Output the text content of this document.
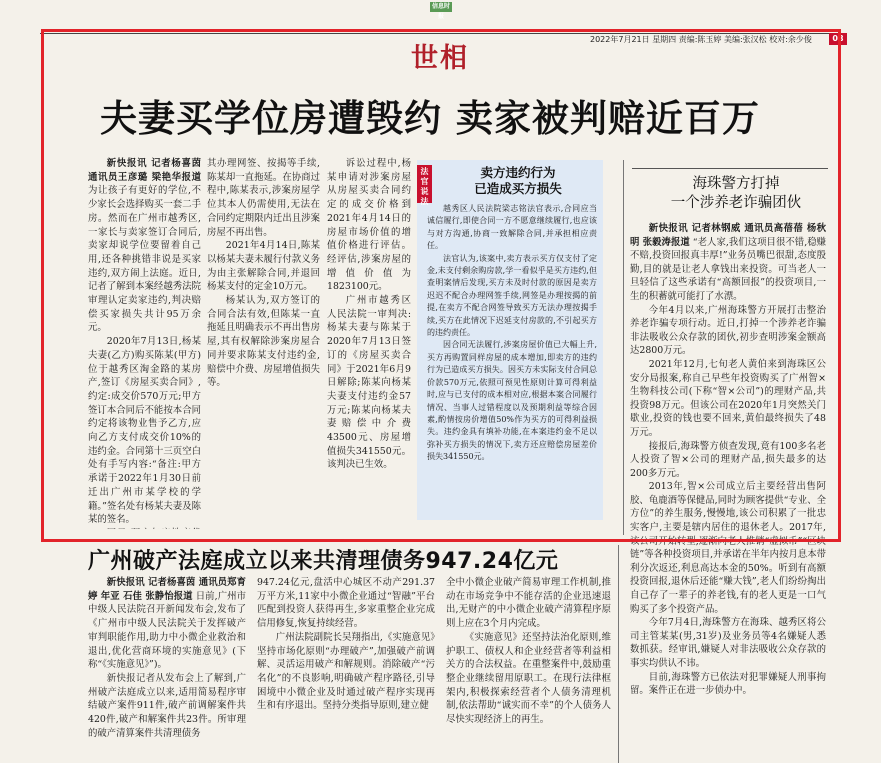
信息时报
2022年7月21日 星期四 责编:陈玉婷 美编:张汉松 校对:余少俊	08
世相
夫妻买学位房遭毁约 卖家被判赔近百万

新快报讯 记者杨喜茵 通讯员王彦璐 梁艳华报道 为让孩子有更好的学位,不少家长会选择购买一套二手房。然而在广州市越秀区,一家长与卖家签订合同后,卖家却说学位要留着自己用,还各种挑错非说是买家违约,双方闹上法庭。近日,记者了解到本案经越秀法院审理认定卖家违约,判决赔偿买家损失共计95万余元。

2020年7月13日,杨某夫妻(乙方)购买陈某(甲方)位于越秀区淘金路的某房产,签订《房屋买卖合同》,约定:成交价570万元;甲方签订本合同后不能按本合同约定将该物业售予乙方,应向乙方支付成交价10%的违约金。合同第十三页空白处有手写内容:“备注:甲方承诺于2022年1月30日前迁出广州市某学校的学籍。”签名处有杨某夫妻及陈某的签名。

其办理网签、按揭等手续,陈某却一直拖延。在协商过程中,陈某表示,涉案房屋学位其本人仍需使用,无法在合同约定期限内迁出且涉案房屋不再出售。

2021年4月14日,陈某以杨某夫妻未履行付款义务为由主张解除合同,并退回杨某支付的定金10万元。

杨某认为,双方签订的合同合法有效,但陈某一直拖延且明确表示不再出售房屋,其有权解除涉案房屋合同并要求陈某支付违约金,赔偿中介费、房屋增值损失等。

诉讼过程中,杨某申请对涉案房屋从房屋买卖合同约定的成交价格到2021年4月14日的房屋市场价值的增值价格进行评估。经评估,涉案房屋的增值价值为1823100元。

广州市越秀区人民法院一审判决:杨某夫妻与陈某于2020年7月13日签订的《房屋买卖合同》于2021年6月9日解除;陈某向杨某夫妻支付违约金57万元;陈某向杨某夫妻赔偿中介费43500元、房屋增值损失341550元。该判决已生效。

法官说法
卖方违约行为
已造成买方损失

越秀区人民法院梁志铭法官表示,合同应当诚信履行,即使合同一方不愿意继续履行,也应该与对方沟通,协商一致解除合同,并承担相应责任。

法官认为,该案中,卖方表示买方仅支付了定金,未支付剩余购房款,学一看似乎是买方违约,但查明案情后发现,买方未及时付款的原因是卖方迟迟不配合办理网签手续,网签是办理按揭的前提,在卖方不配合网签导致买方无法办理按揭手续,买方在此情况下迟延支付房款的,不引起买方的违约责任。

因合同无法履行,涉案房屋价值已大幅上升,买方再购置同样房屋的成本增加,即卖方的违约行为已造成买方损失。因买方未实际支付合同总价款570万元,依照可预见性原则计算可得利益时,应与已支付的成本相对应,根据本案合同履行情况、当事人过错程度以及预期利益等综合因素,酌情按房价增值50%作为买方的可得利益损失。违约金具有填补功能,在本案违约金不足以弥补买方损失的情况下,卖方还应赔偿房屋差价损失341550元。

海珠警方打掉
一个涉养老诈骗团伙

新快报讯 记者林钢威 通讯员高蓓蓓 杨秋明 张毅涛报道 “老人家,我们这项目很不错,稳赚不赔,投资回报真丰厚!”业务员嘴巴很甜,态度殷勤,目的就是让老人拿钱出来投资。可当老人一旦轻信了这些承诺有“高额回报”的投资项目,一生的积蓄就可能打了水漂。

今年4月以来,广州海珠警方开展打击整治养老诈骗专项行动。近日,打掉一个涉养老诈骗非法吸收公众存款的团伙,初步查明涉案金额高达2800万元。

2021年12月,七旬老人黄伯来到海珠区公安分局报案,称自己早些年投资购买了广州智×生物科技公司(下称“智×公司”)的理财产品,共投资98万元。但该公司在2020年1月突然关门歇业,投资的钱也要不回来,黄伯最终损失了48万元。

接报后,海珠警方侦查发现,竟有100多名老人投资了智×公司的理财产品,损失最多的达200多万元。

2013年,智×公司成立后主要经营出售阿胶、龟鹿酒等保健品,同时为顾客提供“专业、全方位”的养生服务,慢慢地,该公司积累了一批忠实客户,主要是辖内居住的退休老人。2017年,该公司开始转型,逐渐向老人推销“虚拟币”“区块链”等各种投资项目,并承诺在半年内按月息本带利分次返还,利息高达本金的50%。听到有高额投资回报,退休后还能“赚大钱”,老人们纷纷掏出自己存了一辈子的养老钱,有的老人更是一口气购买了多个投资产品。

今年7月4日,海珠警方在海珠、越秀区将公司主管某某(男,31岁)及业务员等4名嫌疑人悉数抓获。经审讯,嫌疑人对非法吸收公众存款的事实均供认不讳。

目前,海珠警方已依法对犯罪嫌疑人刑事拘留。案件正在进一步侦办中。

广州破产法庭成立以来共清理债务947.24亿元

新快报讯 记者杨喜茵 通讯员郑育婷 年亚 石佳 张静怡报道 日前,广州市中级人民法院召开新闻发布会,发布了《广州市中级人民法院关于发挥破产审判职能作用,助力中小微企业救治和退出,优化营商环境的实施意见》(下称“《实施意见》”)。

新快报记者从发布会上了解到,广州破产法庭成立以来,适用简易程序审结破产案件911件,破产前调解案件共420件,破产和解案件共23件。所审理的破产清算案件共清理债务

947.24亿元,盘活中心城区不动产291.37万平方米,11家中小微企业通过“智融”平台匹配到投资人获得再生,多家重整企业完成信用修复,恢复持续经营。

广州法院副院长吴翔指出,《实施意见》坚持市场化原则“办理破产”,加强破产前调解、灵活运用破产和解规则。消除破产“污名化”的不良影响,明确破产程序路径,引导困境中小微企业及时通过破产程序实现再生和有序退出。坚持分类指导原则,建立健

全中小微企业破产简易审理工作机制,推动在市场竞争中不能存活的企业迅速退出,无财产的中小微企业破产清算程序原则上应在3个月内完成。

《实施意见》还坚持法治化原则,维护职工、债权人和企业经营者等利益相关方的合法权益。在重整案件中,鼓励重整企业继续留用原职工。在现行法律框架内,积极探索经营者个人债务清理机制,依法帮助“诚实而不幸”的个人债务人尽快实现经济上的再生。
